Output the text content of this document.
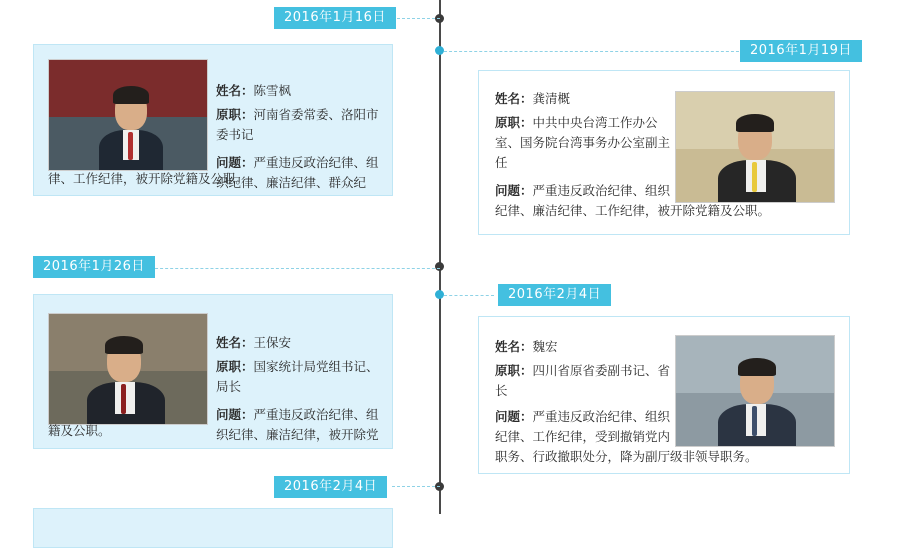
2016年1月16日
姓名：陈雪枫
原职：河南省委常委、洛阳市委书记
问题：严重违反政治纪律、组织纪律、廉洁纪律、群众纪
律、工作纪律，被开除党籍及公职。
2016年1月19日
姓名：龚清概
原职：中共中央台湾工作办公室、国务院台湾事务办公室副主任
问题：严重违反政治纪律、组织
纪律、廉洁纪律、工作纪律，被开除党籍及公职。
2016年1月26日
姓名：王保安
原职：国家统计局党组书记、局长
问题：严重违反政治纪律、组织纪律、廉洁纪律，被开除党
籍及公职。
2016年2月4日
姓名：魏宏
原职：四川省原省委副书记、省长
问题：严重违反政治纪律、组织
纪律、工作纪律，受到撤销党内
职务、行政撤职处分，降为副厅级非领导职务。
2016年2月4日
